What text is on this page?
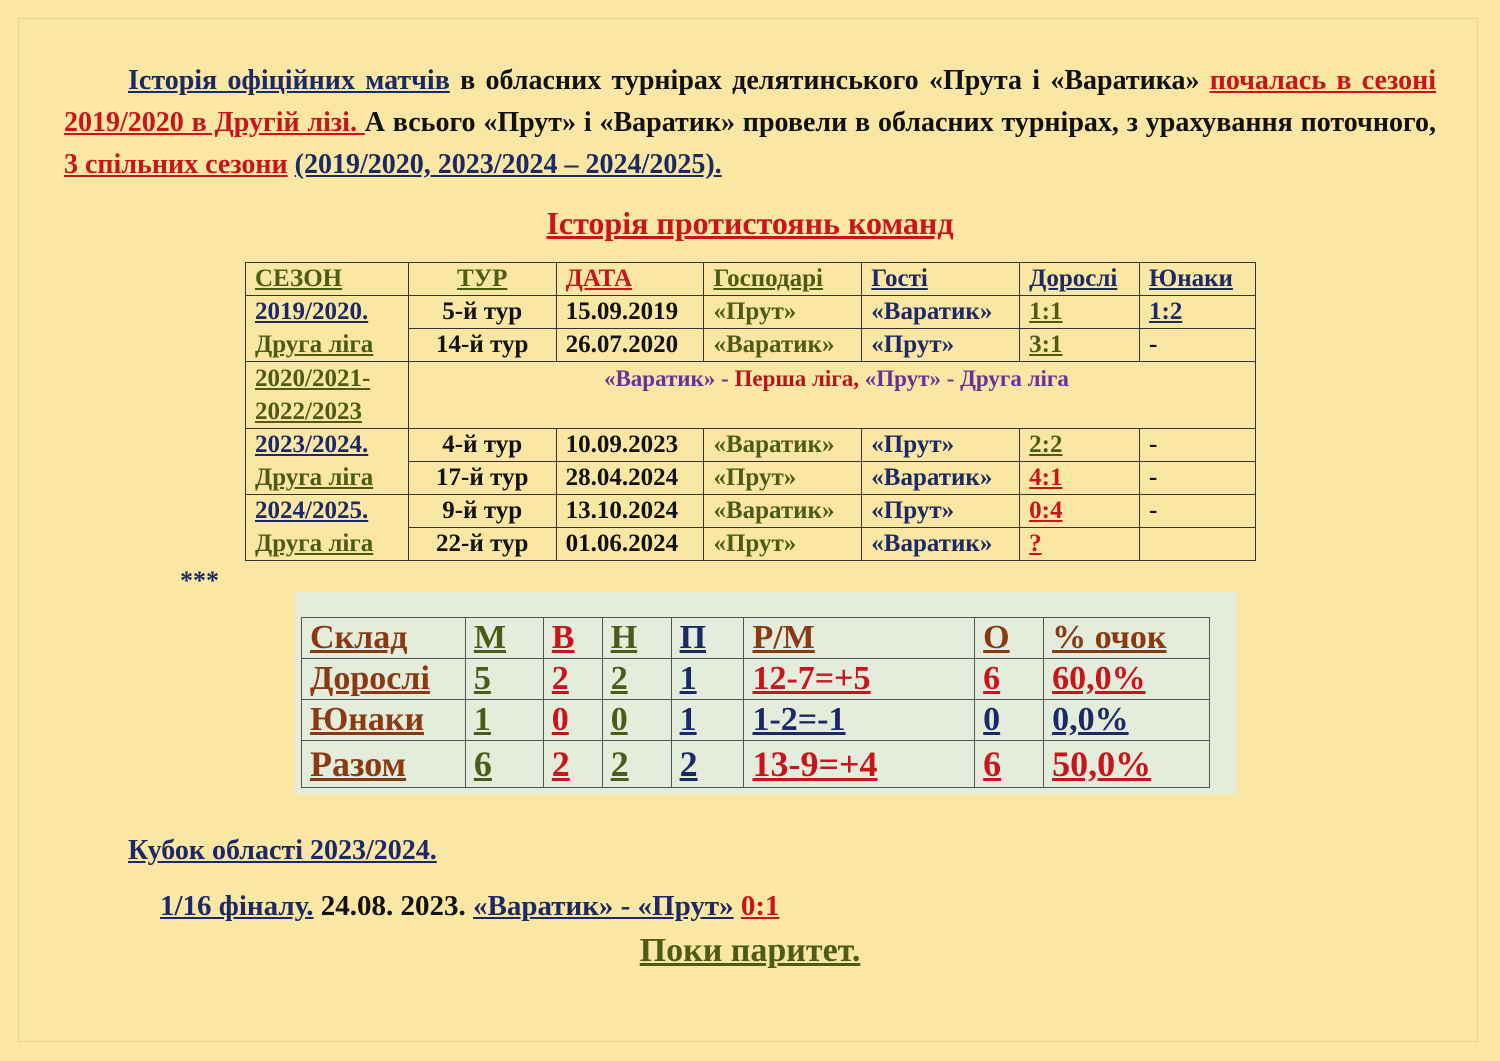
Історія офіційних матчів в обласних турнірах делятинського «Прута і «Варатика» почалась в сезоні 2019/2020 в Другій лізі. А всього «Прут» і «Варатик» провели в обласних турнірах, з урахування поточного, 3 спільних сезони (2019/2020, 2023/2024 – 2024/2025).

Історія протистоянь команд
СЕЗОН	ТУР	ДАТА	Господарі	Гості	Дорослі	Юнаки
2019/2020.	5-й тур	15.09.2019	«Прут»	«Варатик»	1:1	1:2
Друга ліга	14-й тур	26.07.2020	«Варатик»	«Прут»	3:1	-
2020/2021-
2022/2023	«Варатик» - Перша ліга, «Прут» - Друга ліга					
2023/2024.	4-й тур	10.09.2023	«Варатик»	«Прут»	2:2	-
Друга ліга	17-й тур	28.04.2024	«Прут»	«Варатик»	4:1	-
2024/2025.	9-й тур	13.10.2024	«Варатик»	«Прут»	0:4	-
Друга ліга	22-й тур	01.06.2024	«Прут»	«Варатик»	?	
***
Склад	М	В	Н	П	Р/М	О	% очок
Дорослі	5	2	2	1	12-7=+5	6	60,0%
Юнаки	1	0	0	1	1-2=-1	0	0,0%
Разом	6	2	2	2	13-9=+4	6	50,0%
Кубок області 2023/2024.
1/16 фіналу. 24.08. 2023. «Варатик» - «Прут» 0:1
Поки паритет.
